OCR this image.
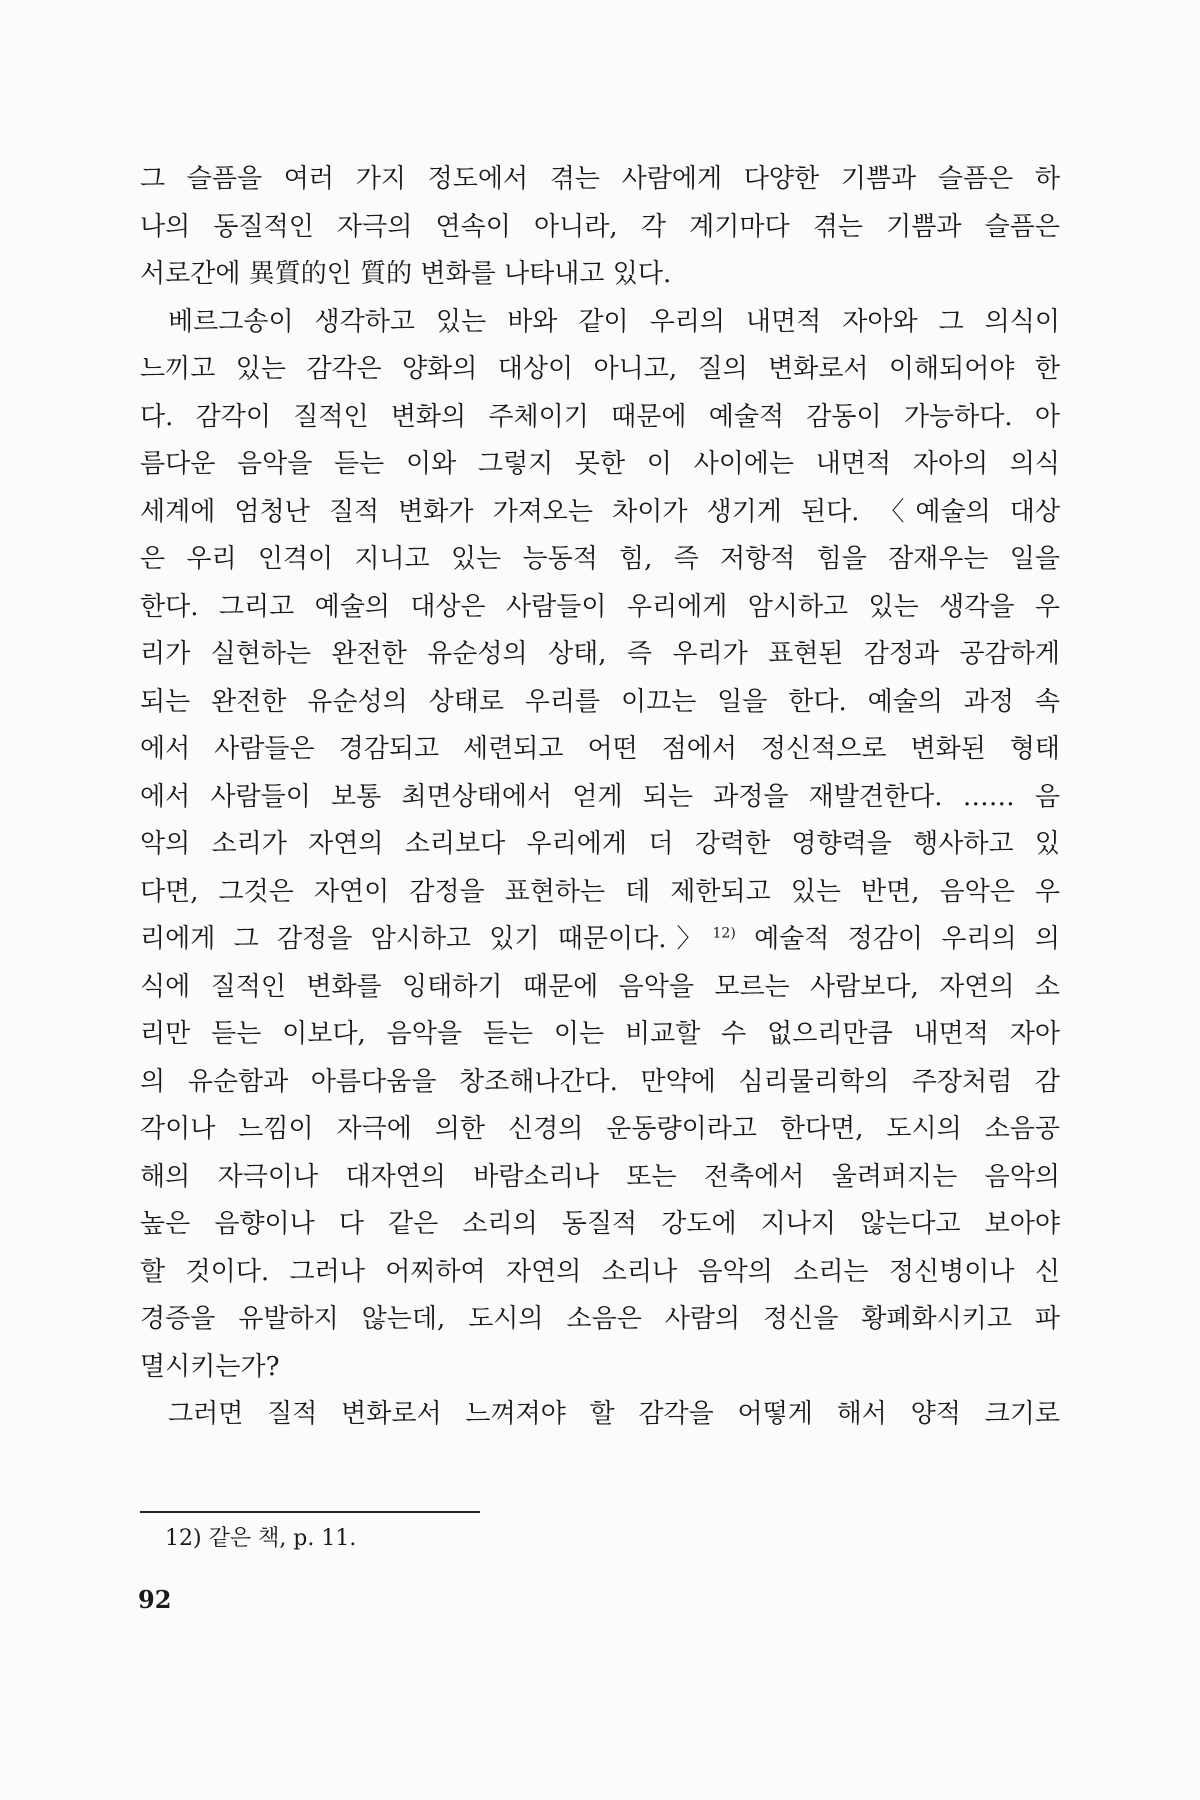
그 슬픔을 여러 가지 정도에서 겪는 사람에게 다양한 기쁨과 슬픔은 하
나의 동질적인 자극의 연속이 아니라, 각 계기마다 겪는 기쁨과 슬픔은
서로간에 異質的인 質的 변화를 나타내고 있다.
베르그송이 생각하고 있는 바와 같이 우리의 내면적 자아와 그 의식이
느끼고 있는 감각은 양화의 대상이 아니고, 질의 변화로서 이해되어야 한
다. 감각이 질적인 변화의 주체이기 때문에 예술적 감동이 가능하다. 아
름다운 음악을 듣는 이와 그렇지 못한 이 사이에는 내면적 자아의 의식
세계에 엄청난 질적 변화가 가져오는 차이가 생기게 된다. 〈예술의 대상
은 우리 인격이 지니고 있는 능동적 힘, 즉 저항적 힘을 잠재우는 일을
한다. 그리고 예술의 대상은 사람들이 우리에게 암시하고 있는 생각을 우
리가 실현하는 완전한 유순성의 상태, 즉 우리가 표현된 감정과 공감하게
되는 완전한 유순성의 상태로 우리를 이끄는 일을 한다. 예술의 과정 속
에서 사람들은 경감되고 세련되고 어떤 점에서 정신적으로 변화된 형태
에서 사람들이 보통 최면상태에서 얻게 되는 과정을 재발견한다. …… 음
악의 소리가 자연의 소리보다 우리에게 더 강력한 영향력을 행사하고 있
다면, 그것은 자연이 감정을 표현하는 데 제한되고 있는 반면, 음악은 우
리에게 그 감정을 암시하고 있기 때문이다.〉$^{12)}$ 예술적 정감이 우리의 의
식에 질적인 변화를 잉태하기 때문에 음악을 모르는 사람보다, 자연의 소
리만 듣는 이보다, 음악을 듣는 이는 비교할 수 없으리만큼 내면적 자아
의 유순함과 아름다움을 창조해나간다. 만약에 심리물리학의 주장처럼 감
각이나 느낌이 자극에 의한 신경의 운동량이라고 한다면, 도시의 소음공
해의 자극이나 대자연의 바람소리나 또는 전축에서 울려퍼지는 음악의
높은 음향이나 다 같은 소리의 동질적 강도에 지나지 않는다고 보아야
할 것이다. 그러나 어찌하여 자연의 소리나 음악의 소리는 정신병이나 신
경증을 유발하지 않는데, 도시의 소음은 사람의 정신을 황폐화시키고 파
멸시키는가?
그러면 질적 변화로서 느껴져야 할 감각을 어떻게 해서 양적 크기로
12) 같은 책, p. 11.
92
